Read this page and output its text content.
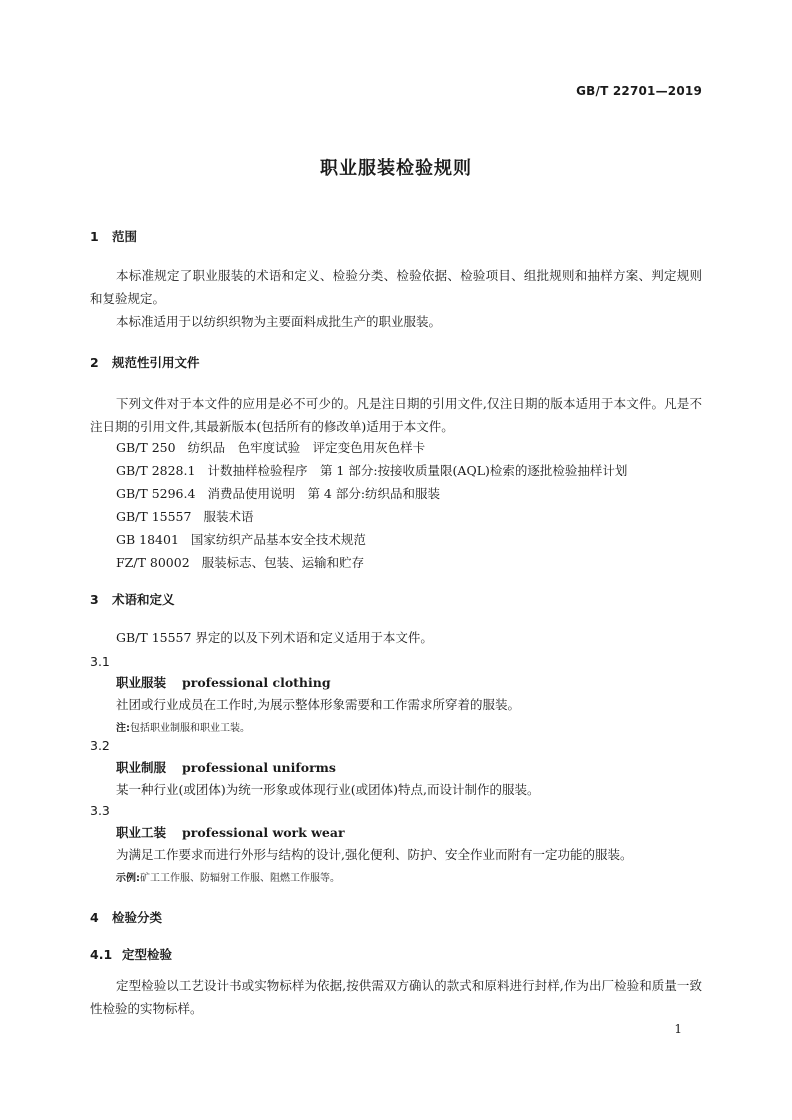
GB/T 22701—2019
职业服装检验规则
1 范围
本标准规定了职业服装的术语和定义、检验分类、检验依据、检验项目、组批规则和抽样方案、判定规则和复验规定。
本标准适用于以纺织织物为主要面料成批生产的职业服装。
2 规范性引用文件
下列文件对于本文件的应用是必不可少的。凡是注日期的引用文件,仅注日期的版本适用于本文件。凡是不注日期的引用文件,其最新版本(包括所有的修改单)适用于本文件。
GB/T 250 纺织品　色牢度试验　评定变色用灰色样卡
GB/T 2828.1 计数抽样检验程序　第 1 部分:按接收质量限(AQL)检索的逐批检验抽样计划
GB/T 5296.4 消费品使用说明　第 4 部分:纺织品和服装
GB/T 15557 服装术语
GB 18401 国家纺织产品基本安全技术规范
FZ/T 80002 服装标志、包装、运输和贮存
3 术语和定义
GB/T 15557 界定的以及下列术语和定义适用于本文件。
3.1
职业服装 professional clothing
社团或行业成员在工作时,为展示整体形象需要和工作需求所穿着的服装。
注:包括职业制服和职业工装。
3.2
职业制服 professional uniforms
某一种行业(或团体)为统一形象或体现行业(或团体)特点,而设计制作的服装。
3.3
职业工装 professional work wear
为满足工作要求而进行外形与结构的设计,强化便利、防护、安全作业而附有一定功能的服装。
示例:矿工工作服、防辐射工作服、阻燃工作服等。
4 检验分类
4.1 定型检验
定型检验以工艺设计书或实物标样为依据,按供需双方确认的款式和原料进行封样,作为出厂检验和质量一致性检验的实物标样。
1
